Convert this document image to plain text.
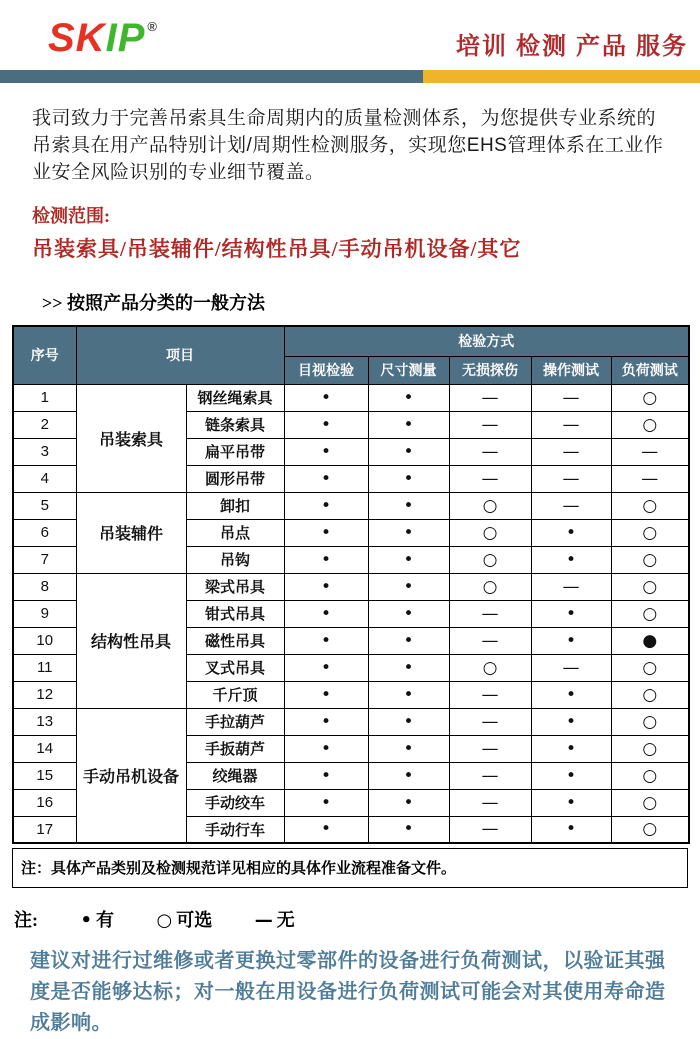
SKIP ®
培训 检测 产品 服务

我司致力于完善吊索具生命周期内的质量检测体系，为您提供专业系统的吊索具在用产品特别计划/周期性检测服务，实现您EHS管理体系在工业作业安全风险识别的专业细节覆盖。

检测范围:
吊装索具/吊装辅件/结构性吊具/手动吊机设备/其它
>> 按照产品分类的一般方法
序号	项目		检验方式				
			目视检验	尺寸测量	无损探伤	操作测试	负荷测试
1	吊装索具	钢丝绳索具	•	•	—	—	○
2		链条索具	•	•	—	—	○
3		扁平吊带	•	•	—	—	—
4		圆形吊带	•	•	—	—	—
5	吊装辅件	卸扣	•	•	○	—	○
6		吊点	•	•	○	•	○
7		吊钩	•	•	○	•	○
8	结构性吊具	梁式吊具	•	•	○	—	○
9		钳式吊具	•	•	—	•	○
10		磁性吊具	•	•	—	•	●
11		叉式吊具	•	•	○	—	○
12		千斤顶	•	•	—	•	○
13	手动吊机设备	手拉葫芦	•	•	—	•	○
14		手扳葫芦	•	•	—	•	○
15		绞绳器	•	•	—	•	○
16		手动绞车	•	•	—	•	○
17		手动行车	•	•	—	•	○
注：具体产品类别及检测规范详见相应的具体作业流程准备文件。
注: • 有 ○ 可选 — 无

建议对进行过维修或者更换过零部件的设备进行负荷测试，以验证其强度是否能够达标；对一般在用设备进行负荷测试可能会对其使用寿命造成影响。
